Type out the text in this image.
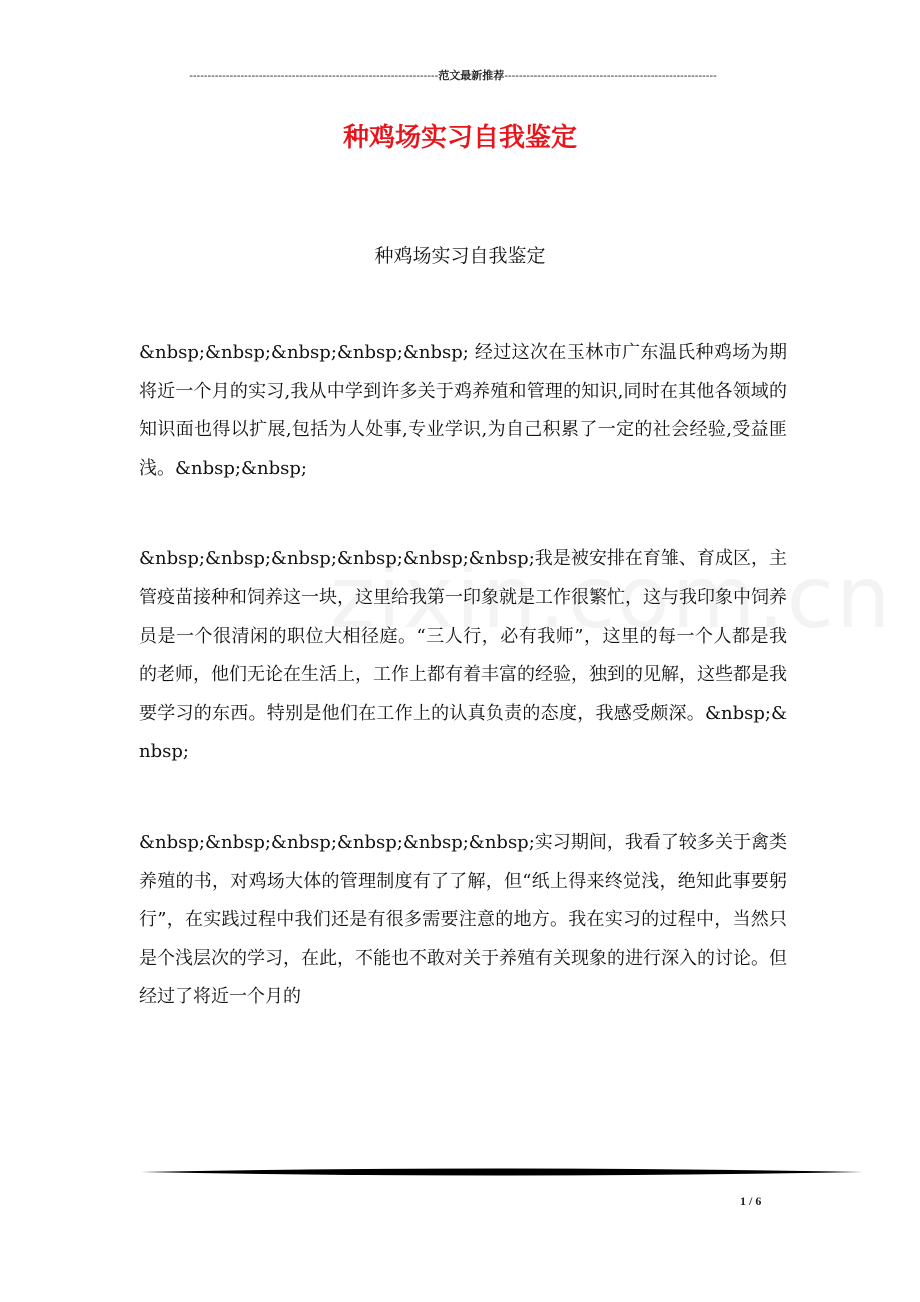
--------------------------------------------------------------------范文最新推荐----------------------------------------------------------
种鸡场实习自我鉴定
种鸡场实习自我鉴定

&nbsp;&nbsp;&nbsp;&nbsp;&nbsp; 经过这次在玉林市广东温氏种鸡场为期将近一个月的实习,我从中学到许多关于鸡养殖和管理的知识,同时在其他各领域的知识面也得以扩展,包括为人处事,专业学识,为自己积累了一定的社会经验,受益匪浅。&nbsp;&nbsp;

&nbsp;&nbsp;&nbsp;&nbsp;&nbsp;&nbsp;我是被安排在育雏、育成区，主管疫苗接种和饲养这一块，这里给我第一印象就是工作很繁忙，这与我印象中饲养员是一个很清闲的职位大相径庭。“三人行，必有我师”，这里的每一个人都是我的老师，他们无论在生活上，工作上都有着丰富的经验，独到的见解，这些都是我要学习的东西。特别是他们在工作上的认真负责的态度，我感受颇深。&nbsp;&nbsp;

&nbsp;&nbsp;&nbsp;&nbsp;&nbsp;&nbsp;实习期间，我看了较多关于禽类养殖的书，对鸡场大体的管理制度有了了解，但“纸上得来终觉浅，绝知此事要躬行”，在实践过程中我们还是有很多需要注意的地方。我在实习的过程中，当然只是个浅层次的学习，在此，不能也不敢对关于养殖有关现象的进行深入的讨论。但经过了将近一个月的

1 / 6
